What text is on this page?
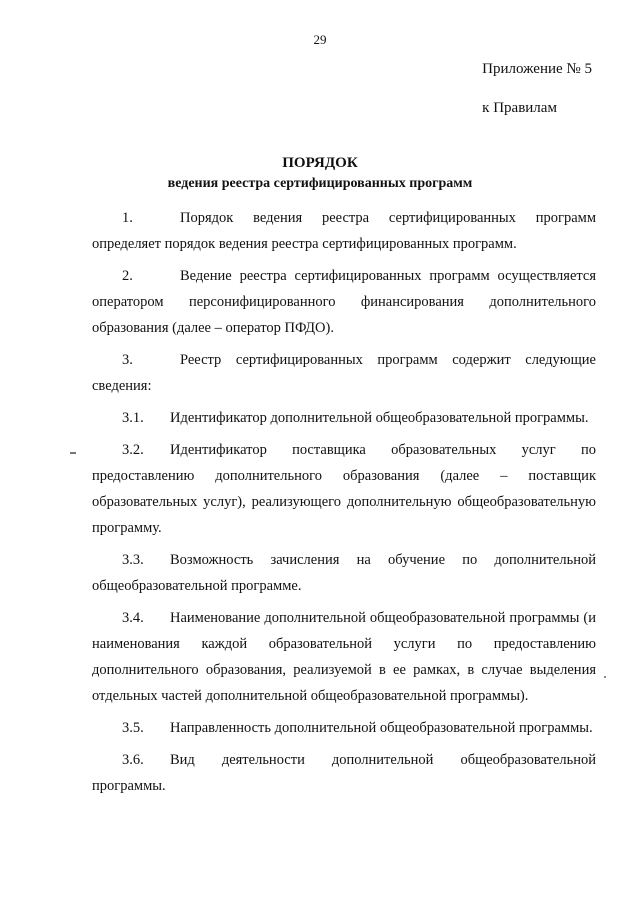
29
Приложение № 5
к Правилам
ПОРЯДОК
ведения реестра сертифицированных программ

1.	Порядок ведения реестра сертифицированных программ определяет порядок ведения реестра сертифицированных программ.

2.	Ведение реестра сертифицированных программ осуществляется оператором персонифицированного финансирования дополнительного образования (далее – оператор ПФДО).

3.	Реестр сертифицированных программ содержит следующие сведения:

3.1. Идентификатор дополнительной общеобразовательной программы.

3.2. Идентификатор поставщика образовательных услуг по предоставлению дополнительного образования (далее – поставщик образовательных услуг), реализующего дополнительную общеобразовательную программу.

3.3. Возможность зачисления на обучение по дополнительной общеобразовательной программе.

3.4. Наименование дополнительной общеобразовательной программы (и наименования каждой образовательной услуги по предоставлению дополнительного образования, реализуемой в ее рамках, в случае выделения отдельных частей дополнительной общеобразовательной программы).

3.5. Направленность дополнительной общеобразовательной программы.

3.6. Вид деятельности дополнительной общеобразовательной программы.
